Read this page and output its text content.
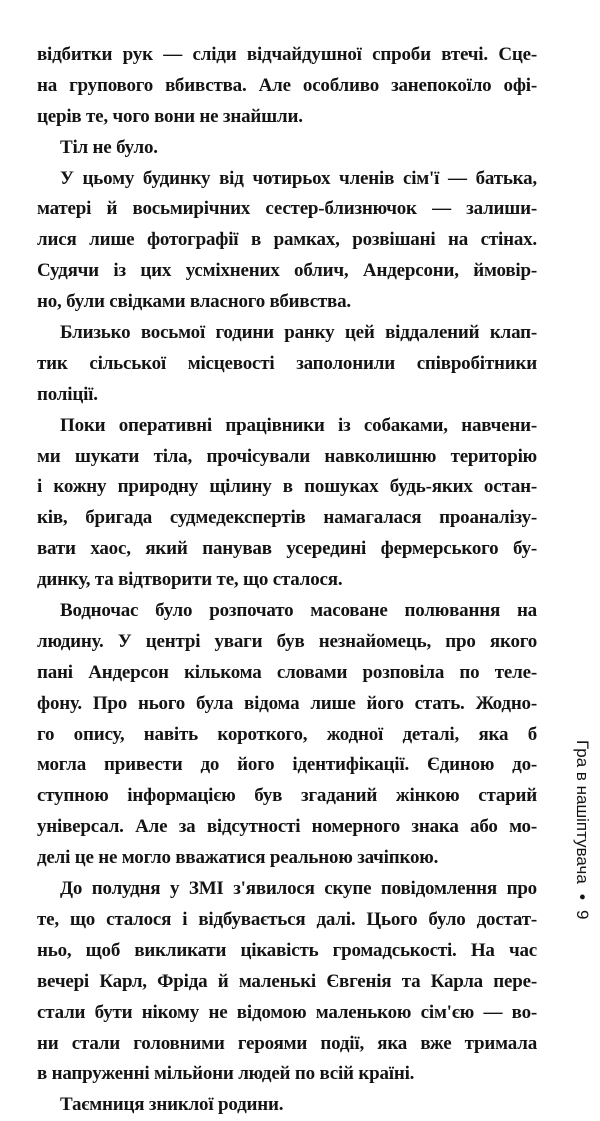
відбитки рук — сліди відчайдушної спроби втечі. Сце-
на групового вбивства. Але особливо занепокоїло офі-
церів те, чого вони не знайшли.
Тіл не було.
У цьому будинку від чотирьох членів сім'ї — батька,
матері й восьмирічних сестер-близнючок — залиши-
лися лише фотографії в рамках, розвішані на стінах.
Судячи із цих усміхнених облич, Андерсони, ймовір-
но, були свідками власного вбивства.
Близько восьмої години ранку цей віддалений клап-
тик сільської місцевості заполонили співробітники
поліції.
Поки оперативні працівники із собаками, навчени-
ми шукати тіла, прочісували навколишню територію
і кожну природну щілину в пошуках будь-яких остан-
ків, бригада судмедекспертів намагалася проаналізу-
вати хаос, який панував усередині фермерського бу-
динку, та відтворити те, що сталося.
Водночас було розпочато масоване полювання на
людину. У центрі уваги був незнайомець, про якого
пані Андерсон кількома словами розповіла по теле-
фону. Про нього була відома лише його стать. Жодно-
го опису, навіть короткого, жодної деталі, яка б
могла привести до його ідентифікації. Єдиною до-
ступною інформацією був згаданий жінкою старий
універсал. Але за відсутності номерного знака або мо-
делі це не могло вважатися реальною зачіпкою.
До полудня у ЗМІ з'явилося скупе повідомлення про
те, що сталося і відбувається далі. Цього було достат-
ньо, щоб викликати цікавість громадськості. На час
вечері Карл, Фріда й маленькі Євгенія та Карла пере-
стали бути нікому не відомою маленькою сім'єю — во-
ни стали головними героями події, яка вже тримала
в напруженні мільйони людей по всій країні.
Таємниця зниклої родини.
Гра в нашіптувача
•
9
